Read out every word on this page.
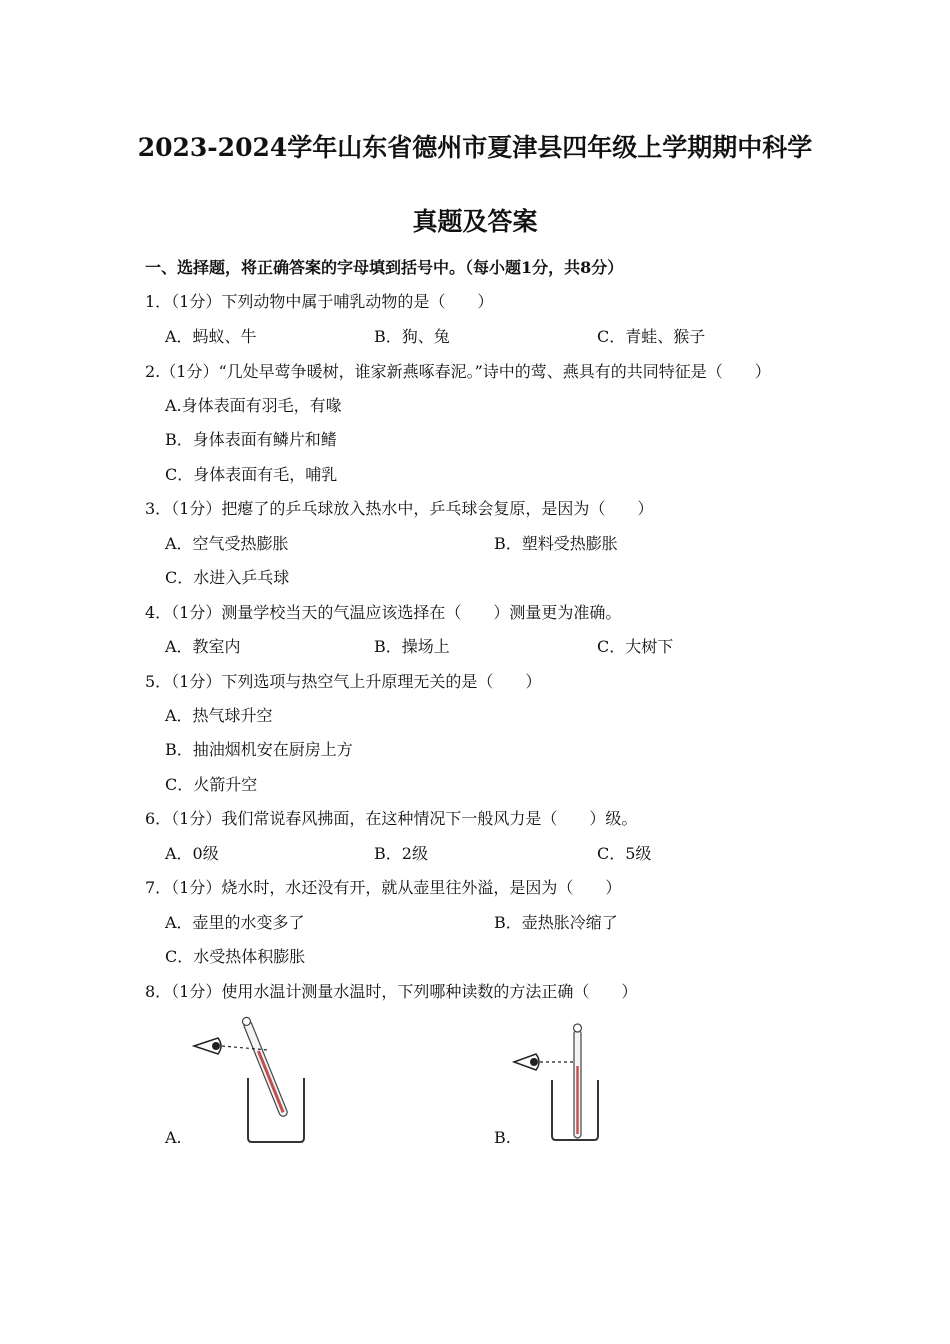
2023-2024学年山东省德州市夏津县四年级上学期期中科学
真题及答案
一、选择题，将正确答案的字母填到括号中。（每小题1分，共8分）
1．（1分）下列动物中属于哺乳动物的是（　　）
A．蚂蚁、牛	B．狗、兔	C．青蛙、猴子
2.（1分）“几处早莺争暖树，谁家新燕啄春泥。”诗中的莺、燕具有的共同特征是（　　）
A.身体表面有羽毛，有喙
B．身体表面有鳞片和鳍
C．身体表面有毛，哺乳
3．（1分）把瘪了的乒乓球放入热水中，乒乓球会复原，是因为（　　）
A．空气受热膨胀	B．塑料受热膨胀
C．水进入乒乓球
4．（1分）测量学校当天的气温应该选择在（　　）测量更为准确。
A．教室内	B．操场上	C．大树下
5．（1分）下列选项与热空气上升原理无关的是（　　）
A．热气球升空
B．抽油烟机安在厨房上方
C．火箭升空
6．（1分）我们常说春风拂面，在这种情况下一般风力是（　　）级。
A．0级	B．2级	C．5级
7．（1分）烧水时，水还没有开，就从壶里往外溢，是因为（　　）
A．壶里的水变多了	B．壶热胀冷缩了
C．水受热体积膨胀
8．（1分）使用水温计测量水温时，下列哪种读数的方法正确（　　）
A.	B.
